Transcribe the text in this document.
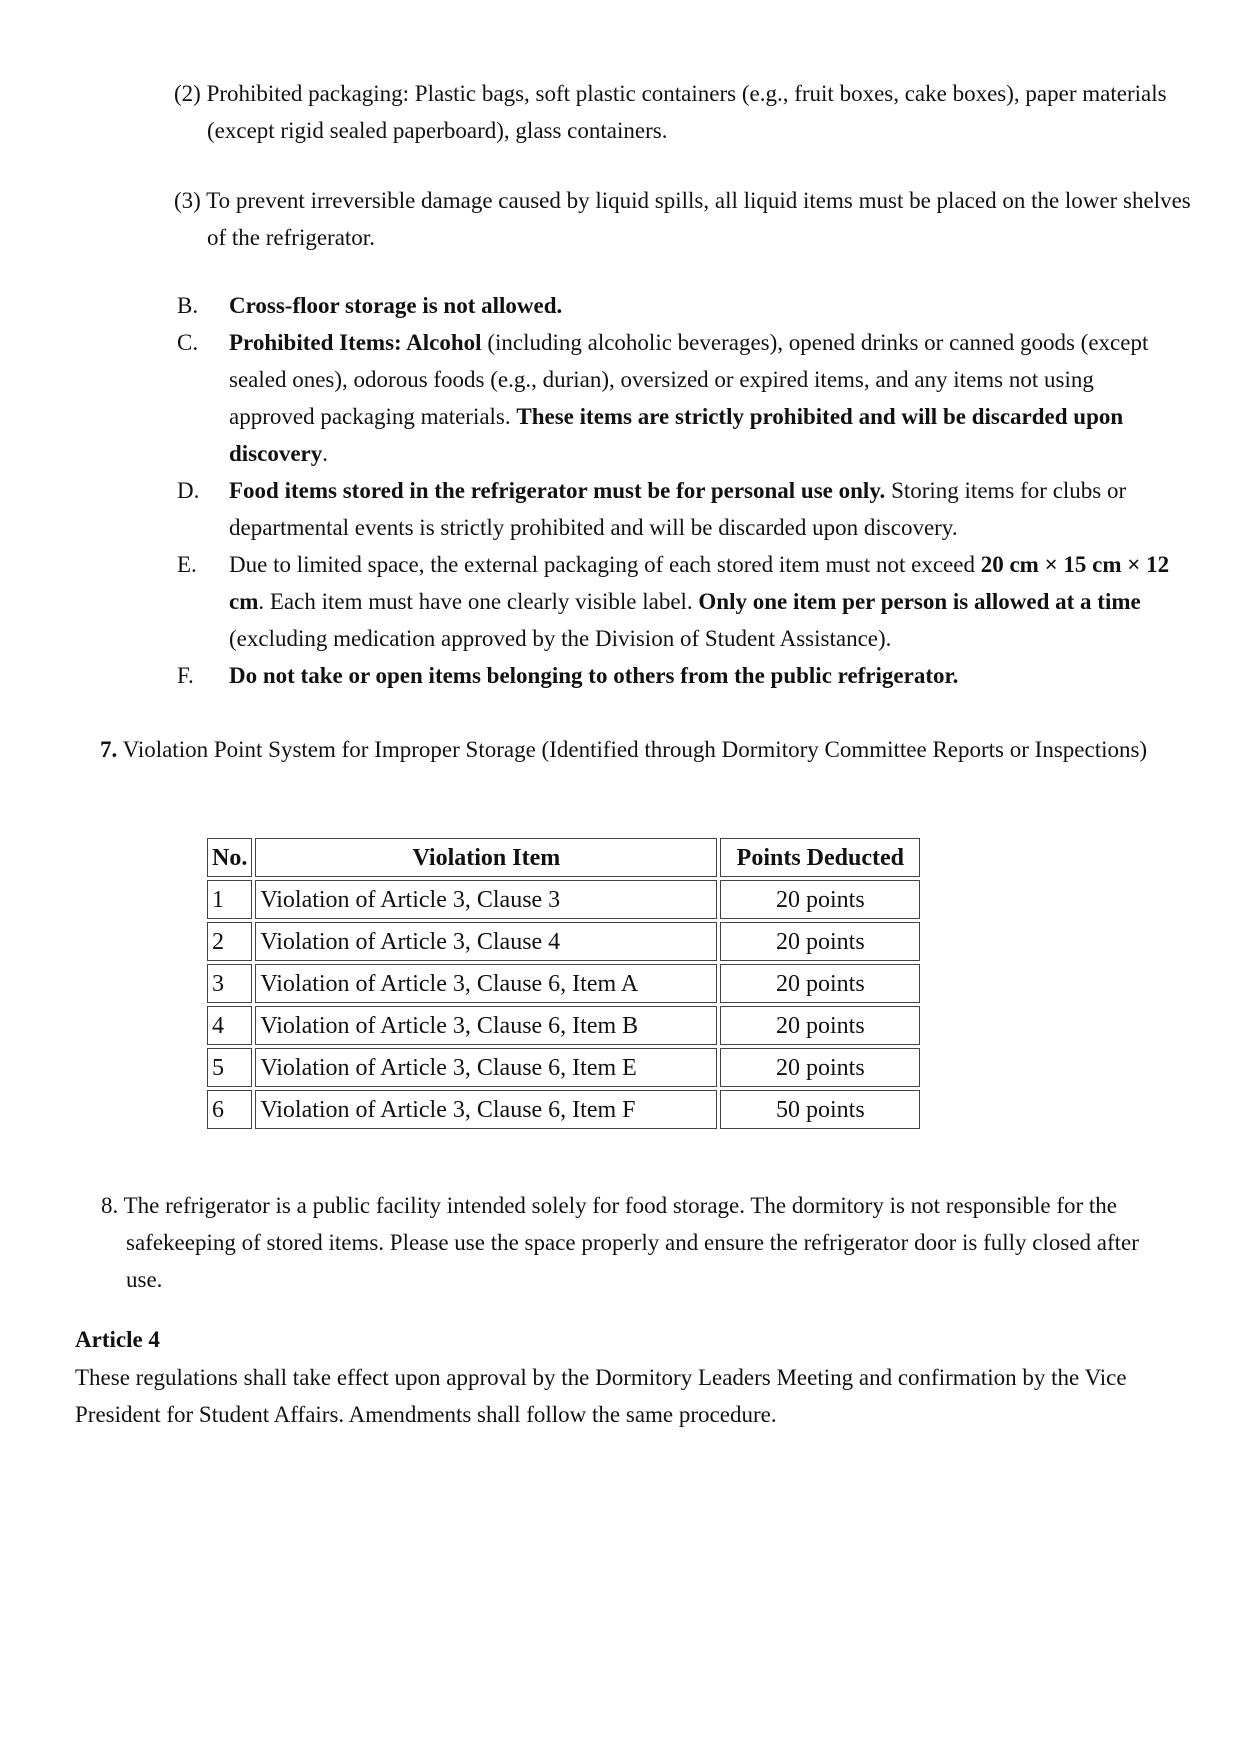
(2) Prohibited packaging: Plastic bags, soft plastic containers (e.g., fruit boxes, cake boxes), paper materials (except rigid sealed paperboard), glass containers.

(3) To prevent irreversible damage caused by liquid spills, all liquid items must be placed on the lower shelves of the refrigerator.

B. Cross-floor storage is not allowed.
C. Prohibited Items: Alcohol (including alcoholic beverages), opened drinks or canned goods (except sealed ones), odorous foods (e.g., durian), oversized or expired items, and any items not using approved packaging materials. These items are strictly prohibited and will be discarded upon discovery.
D. Food items stored in the refrigerator must be for personal use only. Storing items for clubs or departmental events is strictly prohibited and will be discarded upon discovery.
E. Due to limited space, the external packaging of each stored item must not exceed 20 cm × 15 cm × 12 cm. Each item must have one clearly visible label. Only one item per person is allowed at a time (excluding medication approved by the Division of Student Assistance).
F. Do not take or open items belonging to others from the public refrigerator.

7. Violation Point System for Improper Storage (Identified through Dormitory Committee Reports or Inspections)

No.	Violation Item	Points Deducted
1	Violation of Article 3, Clause 3	20 points
2	Violation of Article 3, Clause 4	20 points
3	Violation of Article 3, Clause 6, Item A	20 points
4	Violation of Article 3, Clause 6, Item B	20 points
5	Violation of Article 3, Clause 6, Item E	20 points
6	Violation of Article 3, Clause 6, Item F	50 points

8. The refrigerator is a public facility intended solely for food storage. The dormitory is not responsible for the safekeeping of stored items. Please use the space properly and ensure the refrigerator door is fully closed after use.

Article 4

These regulations shall take effect upon approval by the Dormitory Leaders Meeting and confirmation by the Vice President for Student Affairs. Amendments shall follow the same procedure.
